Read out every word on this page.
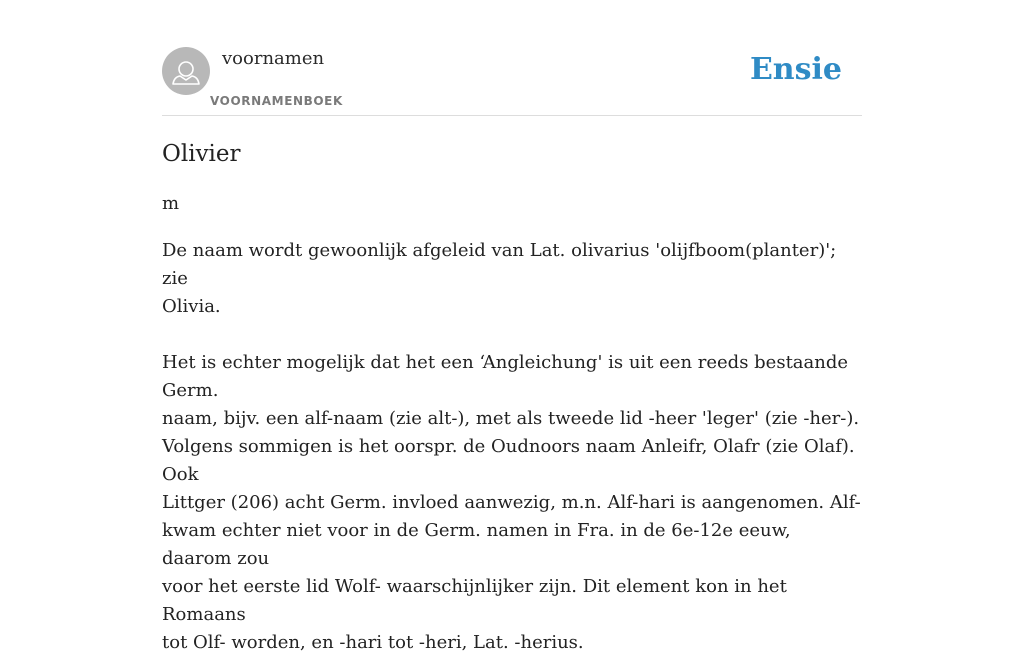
voornamen
VOORNAMENBOEK
Ensie
Olivier

m

De naam wordt gewoonlijk afgeleid van Lat. olivarius 'olijfboom(planter)'; zie
Olivia.

Het is echter mogelijk dat het een ‘Angleichung' is uit een reeds bestaande Germ.
naam, bijv. een alf-naam (zie alt-), met als tweede lid -heer 'leger' (zie -her-).
Volgens sommigen is het oorspr. de Oudnoors naam Anleifr, Olafr (zie Olaf). Ook
Littger (206) acht Germ. invloed aanwezig, m.n. Alf-hari is aangenomen. Alf-
kwam echter niet voor in de Germ. namen in Fra. in de 6e-12e eeuw, daarom zou
voor het eerste lid Wolf- waarschijnlijker zijn. Dit element kon in het Romaans
tot Olf- worden, en -hari tot -heri, Lat. -herius.
